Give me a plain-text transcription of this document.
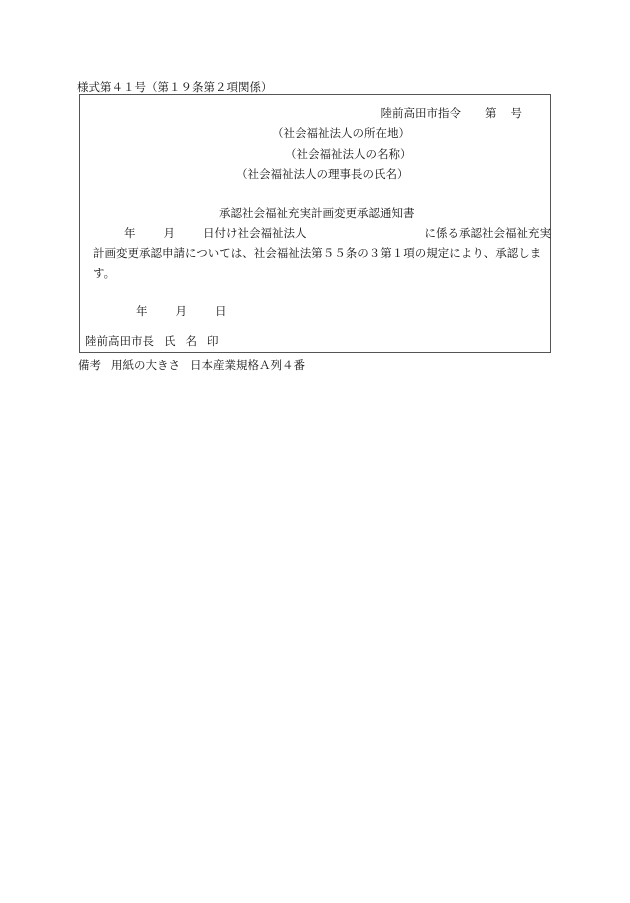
様式第４１号（第１９条第２項関係）
陸前高田市指令 第 号
（社会福祉法人の所在地）
（社会福祉法人の名称）
（社会福祉法人の理事長の氏名）
承認社会福祉充実計画変更承認通知書
年 月 日付け社会福祉法人	に係る承認社会福祉充実
計画変更承認申請については、社会福祉法第５５条の３第１項の規定により、承認しま
す。
年 月 日
陸前高田市長 氏 名 印
備考 用紙の大きさ 日本産業規格Ａ列４番
